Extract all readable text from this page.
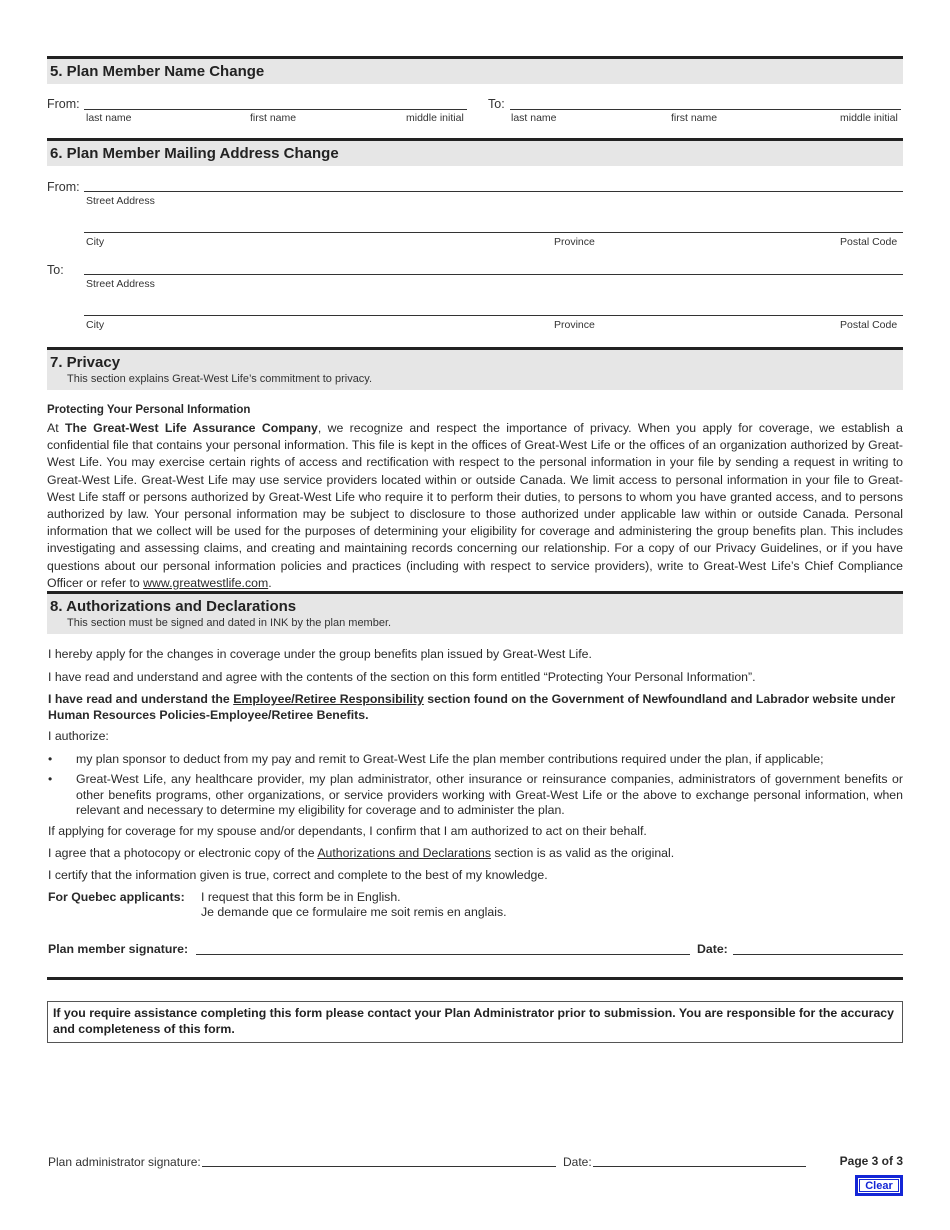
5. Plan Member Name Change
From:
last name	first name	middle initial
To:
last name	first name	middle initial
6. Plan Member Mailing Address Change
From:
Street Address
City	Province	Postal Code
To:
Street Address
City	Province	Postal Code
7. Privacy
This section explains Great-West Life’s commitment to privacy.
Protecting Your Personal Information
At The Great-West Life Assurance Company, we recognize and respect the importance of privacy. When you apply for coverage, we establish a confidential file that contains your personal information. This file is kept in the offices of Great-West Life or the offices of an organization authorized by Great-West Life. You may exercise certain rights of access and rectification with respect to the personal information in your file by sending a request in writing to Great-West Life. Great-West Life may use service providers located within or outside Canada. We limit access to personal information in your file to Great-West Life staff or persons authorized by Great-West Life who require it to perform their duties, to persons to whom you have granted access, and to persons authorized by law. Your personal information may be subject to disclosure to those authorized under applicable law within or outside Canada. Personal information that we collect will be used for the purposes of determining your eligibility for coverage and administering the group benefits plan. This includes investigating and assessing claims, and creating and maintaining records concerning our relationship. For a copy of our Privacy Guidelines, or if you have questions about our personal information policies and practices (including with respect to service providers), write to Great-West Life’s Chief Compliance Officer or refer to www.greatwestlife.com.
8. Authorizations and Declarations
This section must be signed and dated in INK by the plan member.
I hereby apply for the changes in coverage under the group benefits plan issued by Great-West Life.
I have read and understand and agree with the contents of the section on this form entitled “Protecting Your Personal Information”.
I have read and understand the Employee/Retiree Responsibility section found on the Government of Newfoundland and Labrador website under Human Resources Policies-Employee/Retiree Benefits.
I authorize:
• my plan sponsor to deduct from my pay and remit to Great-West Life the plan member contributions required under the plan, if applicable;
• Great-West Life, any healthcare provider, my plan administrator, other insurance or reinsurance companies, administrators of government benefits or other benefits programs, other organizations, or service providers working with Great-West Life or the above to exchange personal information, when relevant and necessary to determine my eligibility for coverage and to administer the plan.
If applying for coverage for my spouse and/or dependants, I confirm that I am authorized to act on their behalf.
I agree that a photocopy or electronic copy of the Authorizations and Declarations section is as valid as the original.
I certify that the information given is true, correct and complete to the best of my knowledge.
For Quebec applicants:	I request that this form be in English.
Je demande que ce formulaire me soit remis en anglais.
Plan member signature:	Date:
If you require assistance completing this form please contact your Plan Administrator prior to submission. You are responsible for the accuracy and completeness of this form.
Plan administrator signature:	Date:	Page 3 of 3
Clear
